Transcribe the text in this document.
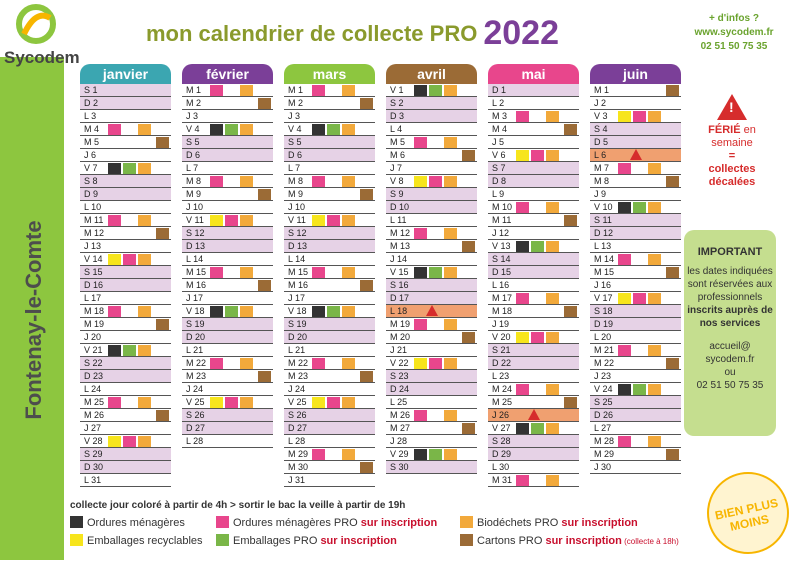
Fontenay-le-Comte
Sycodem
Sud-Vendée
mon calendrier de collecte PRO 2022	+ d'infos ?
www.sycodem.fr
02 51 50 75 35
janvier
S 1
D 2
L 3
M 4
M 5
J 6
V 7
S 8
D 9
L 10
M 11
M 12
J 13
V 14
S 15
D 16
L 17
M 18
M 19
J 20
V 21
S 22
D 23
L 24
M 25
M 26
J 27
V 28
S 29
D 30
L 31
février
M 1
M 2
J 3
V 4
S 5
D 6
L 7
M 8
M 9
J 10
V 11
S 12
D 13
L 14
M 15
M 16
J 17
V 18
S 19
D 20
L 21
M 22
M 23
J 24
V 25
S 26
D 27
L 28
mars
M 1
M 2
J 3
V 4
S 5
D 6
L 7
M 8
M 9
J 10
V 11
S 12
D 13
L 14
M 15
M 16
J 17
V 18
S 19
D 20
L 21
M 22
M 23
J 24
V 25
S 26
D 27
L 28
M 29
M 30
J 31
avril
V 1
S 2
D 3
L 4
M 5
M 6
J 7
V 8
S 9
D 10
L 11
M 12
M 13
J 14
V 15
S 16
D 17
L 18
M 19
M 20
J 21
V 22
S 23
D 24
L 25
M 26
M 27
J 28
V 29
S 30
mai
D 1
L 2
M 3
M 4
J 5
V 6
S 7
D 8
L 9
M 10
M 11
J 12
V 13
S 14
D 15
L 16
M 17
M 18
J 19
V 20
S 21
D 22
L 23
M 24
M 25
J 26
V 27
S 28
D 29
L 30
M 31
juin
M 1
J 2
V 3
S 4
D 5
L 6
M 7
M 8
J 9
V 10
S 11
D 12
L 13
M 14
M 15
J 16
V 17
S 18
D 19
L 20
M 21
M 22
J 23
V 24
S 25
D 26
L 27
M 28
M 29
J 30
!
FÉRIÉ en semaine
=
collectes décalées
IMPORTANT
les dates indiquées sont réservées aux professionnels
inscrits auprès de nos services
accueil@
sycodem.fr
ou
02 51 50 75 35
collecte jour coloré à partir de 4h > sortir le bac la veille à partir de 19h
Ordures ménagères
Emballages recyclables
Ordures ménagères PRO sur inscription
Emballages PRO sur inscription
Biodéchets PRO sur inscription
Cartons PRO sur inscription (collecte à 18h)
BIEN PLUS MOINS
